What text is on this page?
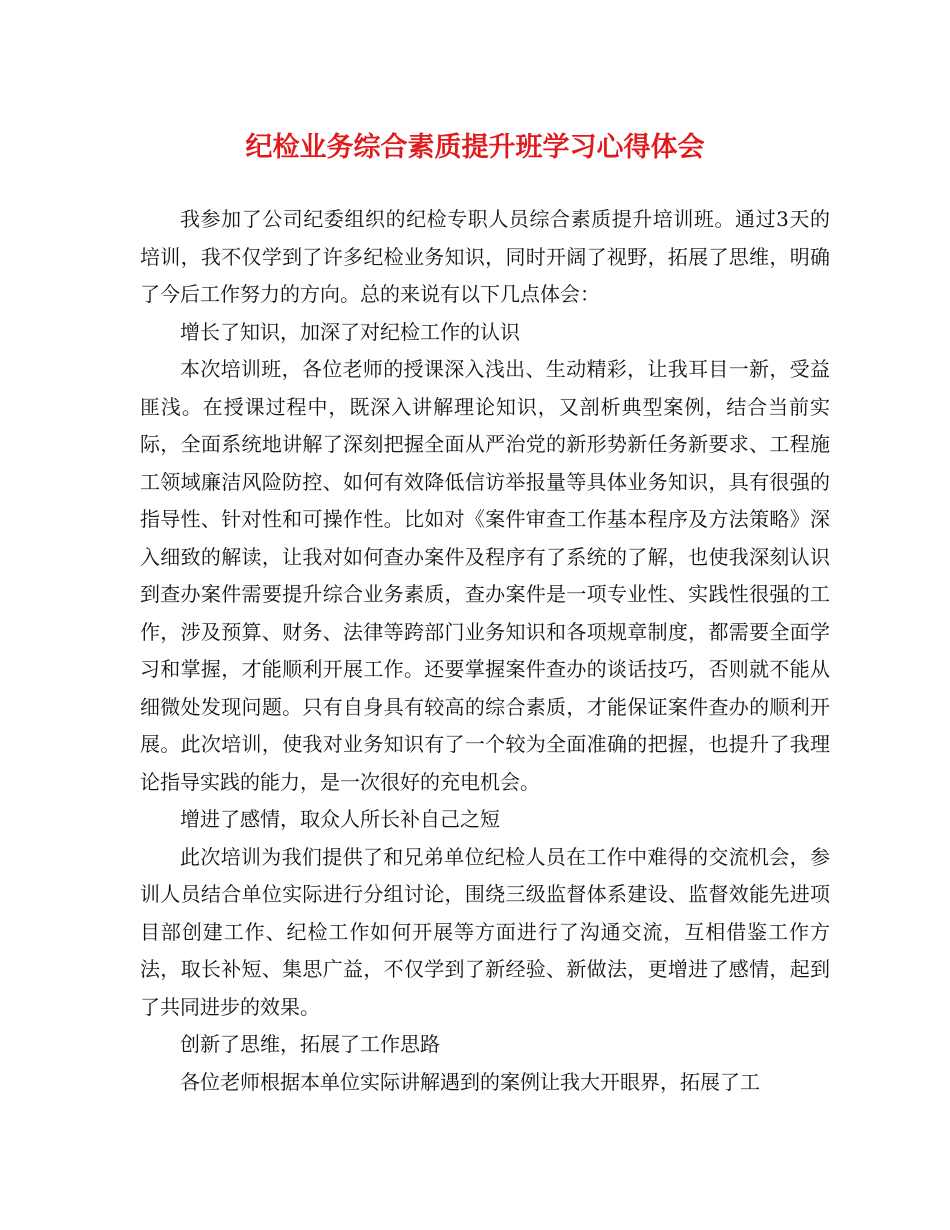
纪检业务综合素质提升班学习心得体会

我参加了公司纪委组织的纪检专职人员综合素质提升培训班。通过3天的培训，我不仅学到了许多纪检业务知识，同时开阔了视野，拓展了思维，明确了今后工作努力的方向。总的来说有以下几点体会：

增长了知识，加深了对纪检工作的认识

本次培训班，各位老师的授课深入浅出、生动精彩，让我耳目一新，受益匪浅。在授课过程中，既深入讲解理论知识，又剖析典型案例，结合当前实际，全面系统地讲解了深刻把握全面从严治党的新形势新任务新要求、工程施工领域廉洁风险防控、如何有效降低信访举报量等具体业务知识，具有很强的指导性、针对性和可操作性。比如对《案件审查工作基本程序及方法策略》深入细致的解读，让我对如何查办案件及程序有了系统的了解，也使我深刻认识到查办案件需要提升综合业务素质，查办案件是一项专业性、实践性很强的工作，涉及预算、财务、法律等跨部门业务知识和各项规章制度，都需要全面学习和掌握，才能顺利开展工作。还要掌握案件查办的谈话技巧，否则就不能从细微处发现问题。只有自身具有较高的综合素质，才能保证案件查办的顺利开展。此次培训，使我对业务知识有了一个较为全面准确的把握，也提升了我理论指导实践的能力，是一次很好的充电机会。

增进了感情，取众人所长补自己之短

此次培训为我们提供了和兄弟单位纪检人员在工作中难得的交流机会，参训人员结合单位实际进行分组讨论，围绕三级监督体系建设、监督效能先进项目部创建工作、纪检工作如何开展等方面进行了沟通交流，互相借鉴工作方法，取长补短、集思广益，不仅学到了新经验、新做法，更增进了感情，起到了共同进步的效果。

创新了思维，拓展了工作思路

各位老师根据本单位实际讲解遇到的案例让我大开眼界，拓展了工
